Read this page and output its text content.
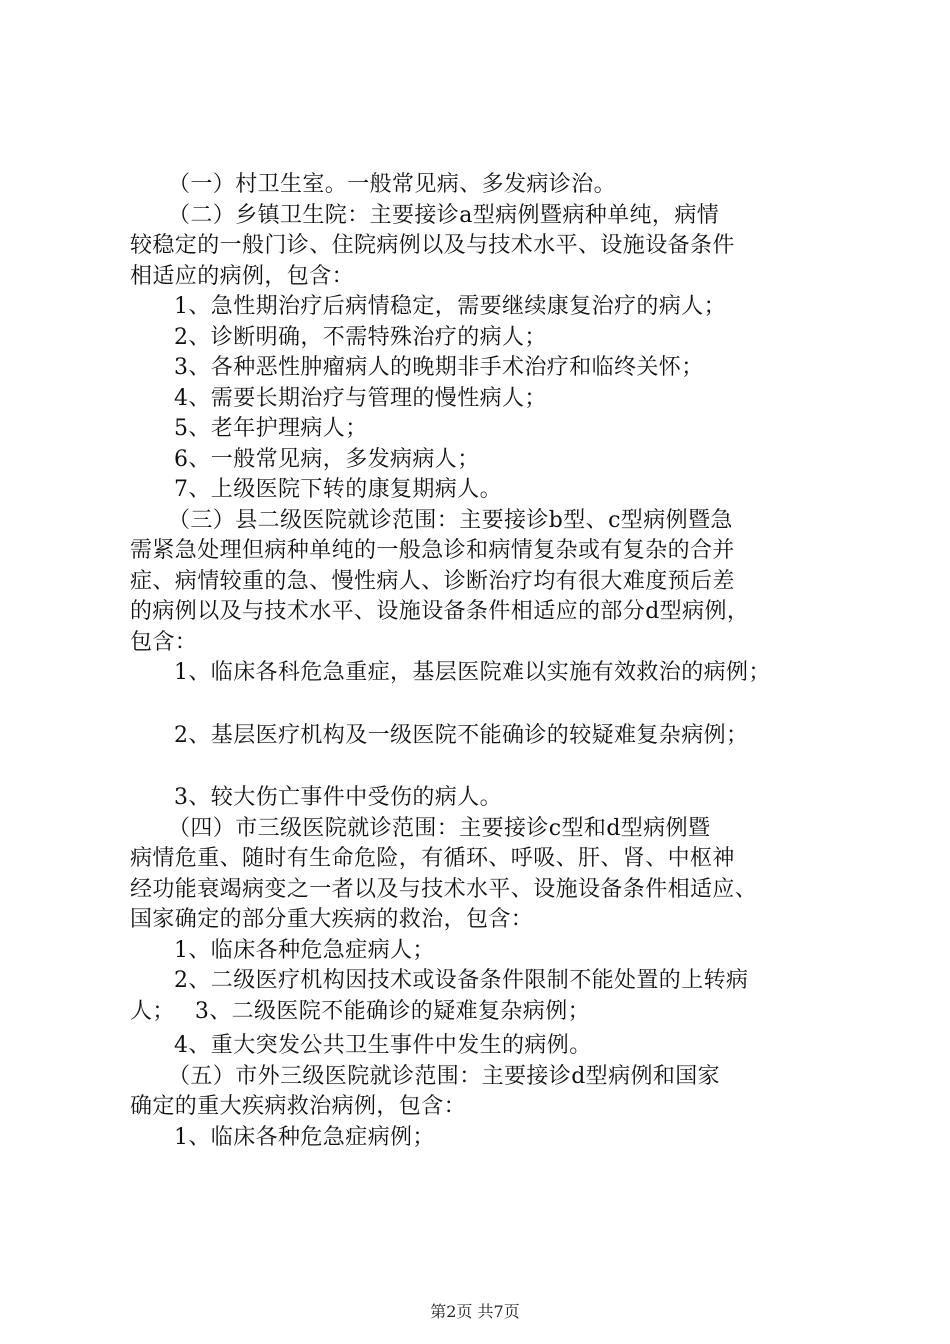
（一）村卫生室。一般常见病、多发病诊治。
（二）乡镇卫生院：主要接诊a型病例暨病种单纯，病情
较稳定的一般门诊、住院病例以及与技术水平、设施设备条件
相适应的病例，包含：
1、急性期治疗后病情稳定，需要继续康复治疗的病人；
2、诊断明确，不需特殊治疗的病人；
3、各种恶性肿瘤病人的晚期非手术治疗和临终关怀；
4、需要长期治疗与管理的慢性病人；
5、老年护理病人；
6、一般常见病，多发病病人；
7、上级医院下转的康复期病人。
（三）县二级医院就诊范围：主要接诊b型、c型病例暨急
需紧急处理但病种单纯的一般急诊和病情复杂或有复杂的合并
症、病情较重的急、慢性病人、诊断治疗均有很大难度预后差
的病例以及与技术水平、设施设备条件相适应的部分d型病例，
包含：
1、临床各科危急重症，基层医院难以实施有效救治的病例；
2、基层医疗机构及一级医院不能确诊的较疑难复杂病例；
3、较大伤亡事件中受伤的病人。
（四）市三级医院就诊范围：主要接诊c型和d型病例暨
病情危重、随时有生命危险，有循环、呼吸、肝、肾、中枢神
经功能衰竭病变之一者以及与技术水平、设施设备条件相适应、
国家确定的部分重大疾病的救治，包含：
1、临床各种危急症病人；
2、二级医疗机构因技术或设备条件限制不能处置的上转病
人； 3、二级医院不能确诊的疑难复杂病例；
4、重大突发公共卫生事件中发生的病例。
（五）市外三级医院就诊范围：主要接诊d型病例和国家
确定的重大疾病救治病例，包含：
1、临床各种危急症病例；
第2页 共7页
